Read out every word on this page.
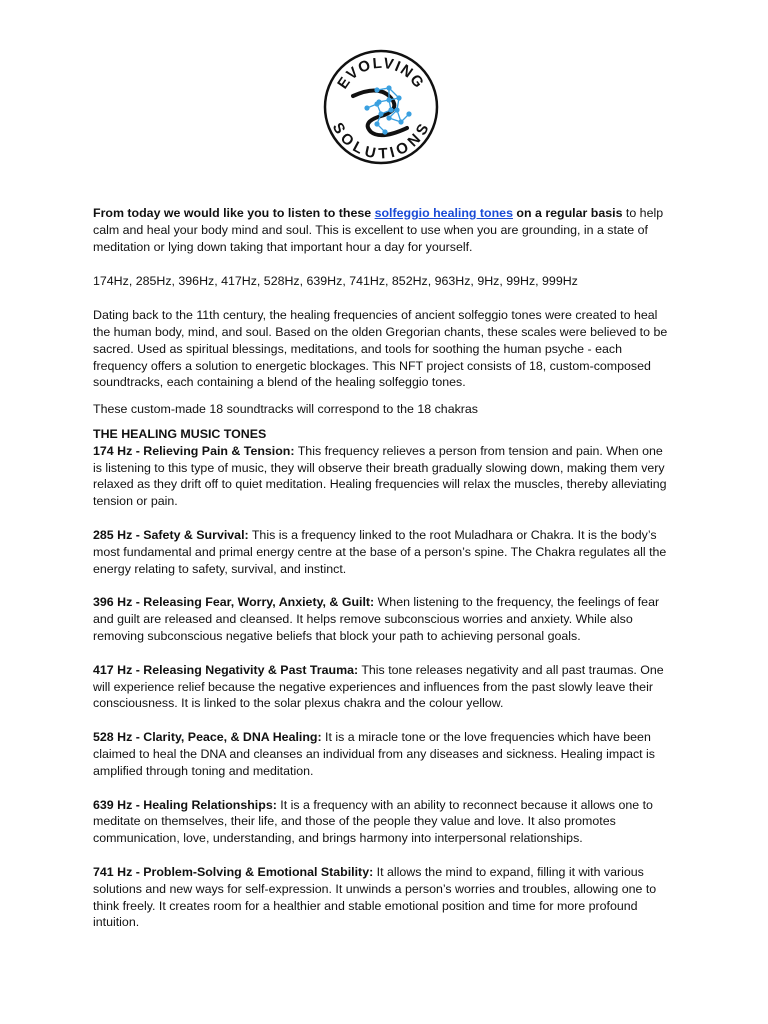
EVOLVING
SOLUTIONS

From today we would like you to listen to these solfeggio healing tones on a regular basis to help calm and heal your body mind and soul. This is excellent to use when you are grounding, in a state of meditation or lying down taking that important hour a day for yourself.

174Hz, 285Hz, 396Hz, 417Hz, 528Hz, 639Hz, 741Hz, 852Hz, 963Hz, 9Hz, 99Hz, 999Hz

Dating back to the 11th century, the healing frequencies of ancient solfeggio tones were created to heal the human body, mind, and soul. Based on the olden Gregorian chants, these scales were believed to be sacred. Used as spiritual blessings, meditations, and tools for soothing the human psyche - each frequency offers a solution to energetic blockages. This NFT project consists of 18, custom-composed soundtracks, each containing a blend of the healing solfeggio tones.

These custom-made 18 soundtracks will correspond to the 18 chakras

THE HEALING MUSIC TONES

174 Hz - Relieving Pain & Tension: This frequency relieves a person from tension and pain. When one is listening to this type of music, they will observe their breath gradually slowing down, making them very relaxed as they drift off to quiet meditation. Healing frequencies will relax the muscles, thereby alleviating tension or pain.

285 Hz - Safety & Survival: This is a frequency linked to the root Muladhara or Chakra. It is the body’s most fundamental and primal energy centre at the base of a person’s spine. The Chakra regulates all the energy relating to safety, survival, and instinct.

396 Hz - Releasing Fear, Worry, Anxiety, & Guilt: When listening to the frequency, the feelings of fear and guilt are released and cleansed. It helps remove subconscious worries and anxiety. While also removing subconscious negative beliefs that block your path to achieving personal goals.

417 Hz - Releasing Negativity & Past Trauma: This tone releases negativity and all past traumas. One will experience relief because the negative experiences and influences from the past slowly leave their consciousness. It is linked to the solar plexus chakra and the colour yellow.

528 Hz - Clarity, Peace, & DNA Healing: It is a miracle tone or the love frequencies which have been claimed to heal the DNA and cleanses an individual from any diseases and sickness. Healing impact is amplified through toning and meditation.

639 Hz - Healing Relationships: It is a frequency with an ability to reconnect because it allows one to meditate on themselves, their life, and those of the people they value and love. It also promotes communication, love, understanding, and brings harmony into interpersonal relationships.

741 Hz - Problem-Solving & Emotional Stability: It allows the mind to expand, filling it with various solutions and new ways for self-expression. It unwinds a person’s worries and troubles, allowing one to think freely. It creates room for a healthier and stable emotional position and time for more profound intuition.
